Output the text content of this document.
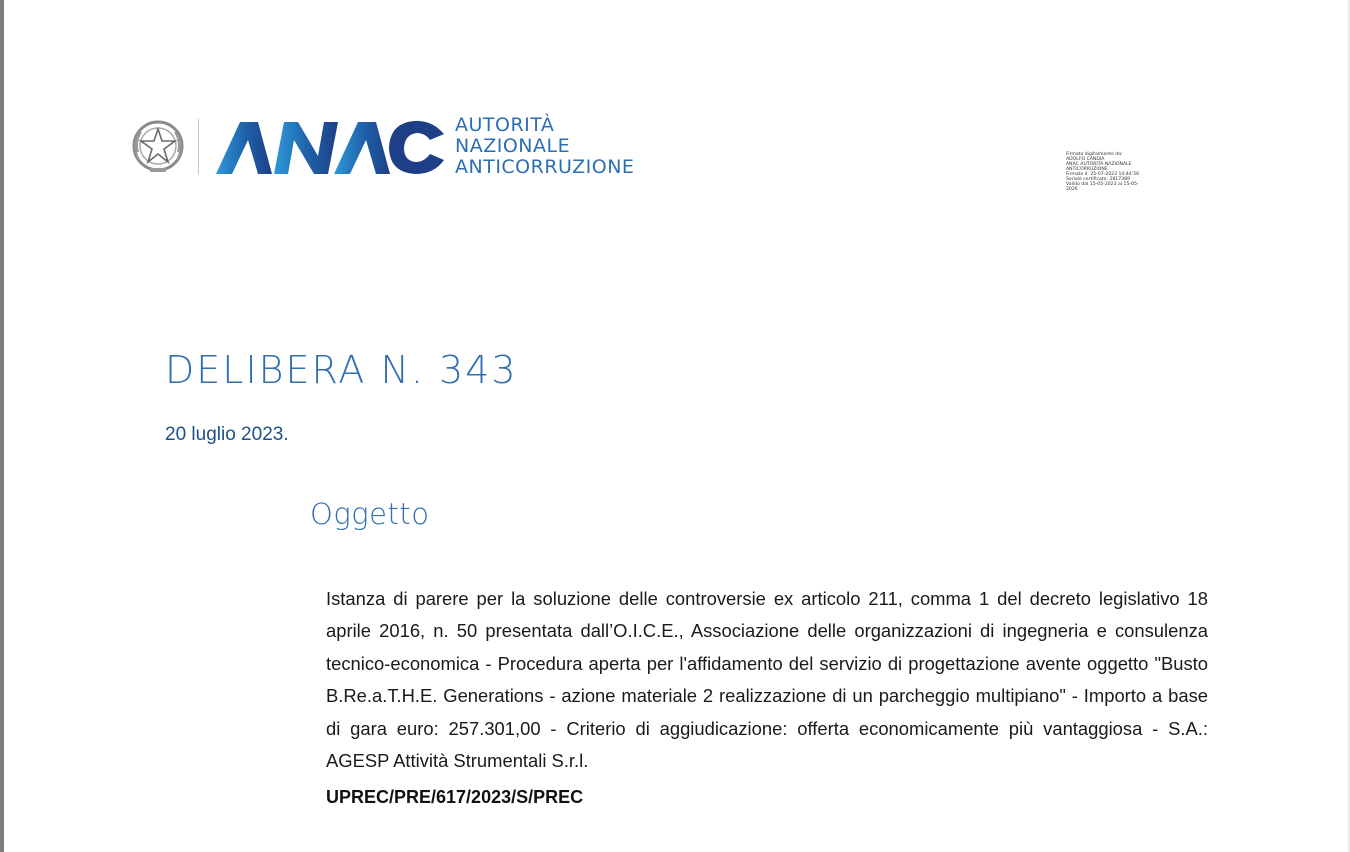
AUTORITÀ
NAZIONALE
ANTICORRUZIONE
Firmato digitalmente da:
ADOLFO CANDIA
ANAC AUTORITA NAZIONALE
ANTICORRUZIONE
Firmato il: 25-07-2023 14:44:56
Seriale certificato: 2817389
Valido dal 15-05-2023 al 15-05-
2026
DELIBERA N. 343
20 luglio 2023.
Oggetto

Istanza di parere per la soluzione delle controversie ex articolo 211, comma 1 del decreto legislativo 18 aprile 2016, n. 50 presentata dall’O.I.C.E., Associazione delle organizzazioni di ingegneria e consulenza tecnico-economica - Procedura aperta per l'affidamento del servizio di progettazione avente oggetto "Busto B.Re.a.T.H.E. Generations - azione materiale 2 realizzazione di un parcheggio multipiano" - Importo a base di gara euro: 257.301,00 - Criterio di aggiudicazione: offerta economicamente più vantaggiosa - S.A.: AGESP Attività Strumentali S.r.l.

UPREC/PRE/617/2023/S/PREC
